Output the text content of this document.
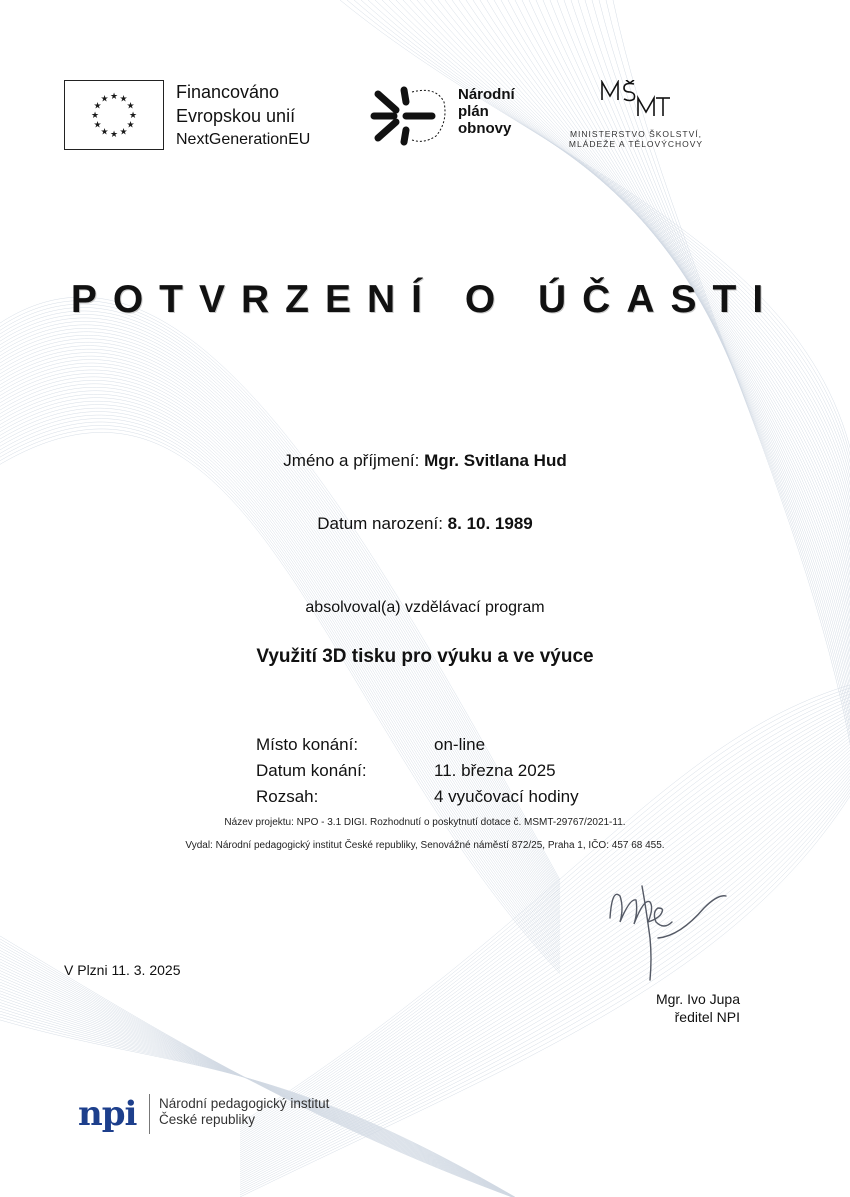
★ ★
★
★
★
★
★
★
★
★
★
★	Financováno
Evropskou unií
NextGenerationEU
Národní
plán
obnovy	MINISTERSTVO ŠKOLSTVÍ, MLÁDEŽE A TĚLOVÝCHOVY
POTVRZENÍ O ÚČASTI
Jméno a příjmení: Mgr. Svitlana Hud
Datum narození: 8. 10. 1989
absolvoval(a) vzdělávací program
Využití 3D tisku pro výuku a ve výuce
Místo konání:	on-line
Datum konání:	11. března 2025
Rozsah:	4 vyučovací hodiny
Název projektu: NPO - 3.1 DIGI. Rozhodnutí o poskytnutí dotace č. MSMT-29767/2021-11.
Vydal: Národní pedagogický institut České republiky, Senovážné náměstí 872/25, Praha 1, IČO: 457 68 455.
V Plzni 11. 3. 2025
Mgr. Ivo Jupa
ředitel NPI
npi Národní pedagogický institut
České republiky
